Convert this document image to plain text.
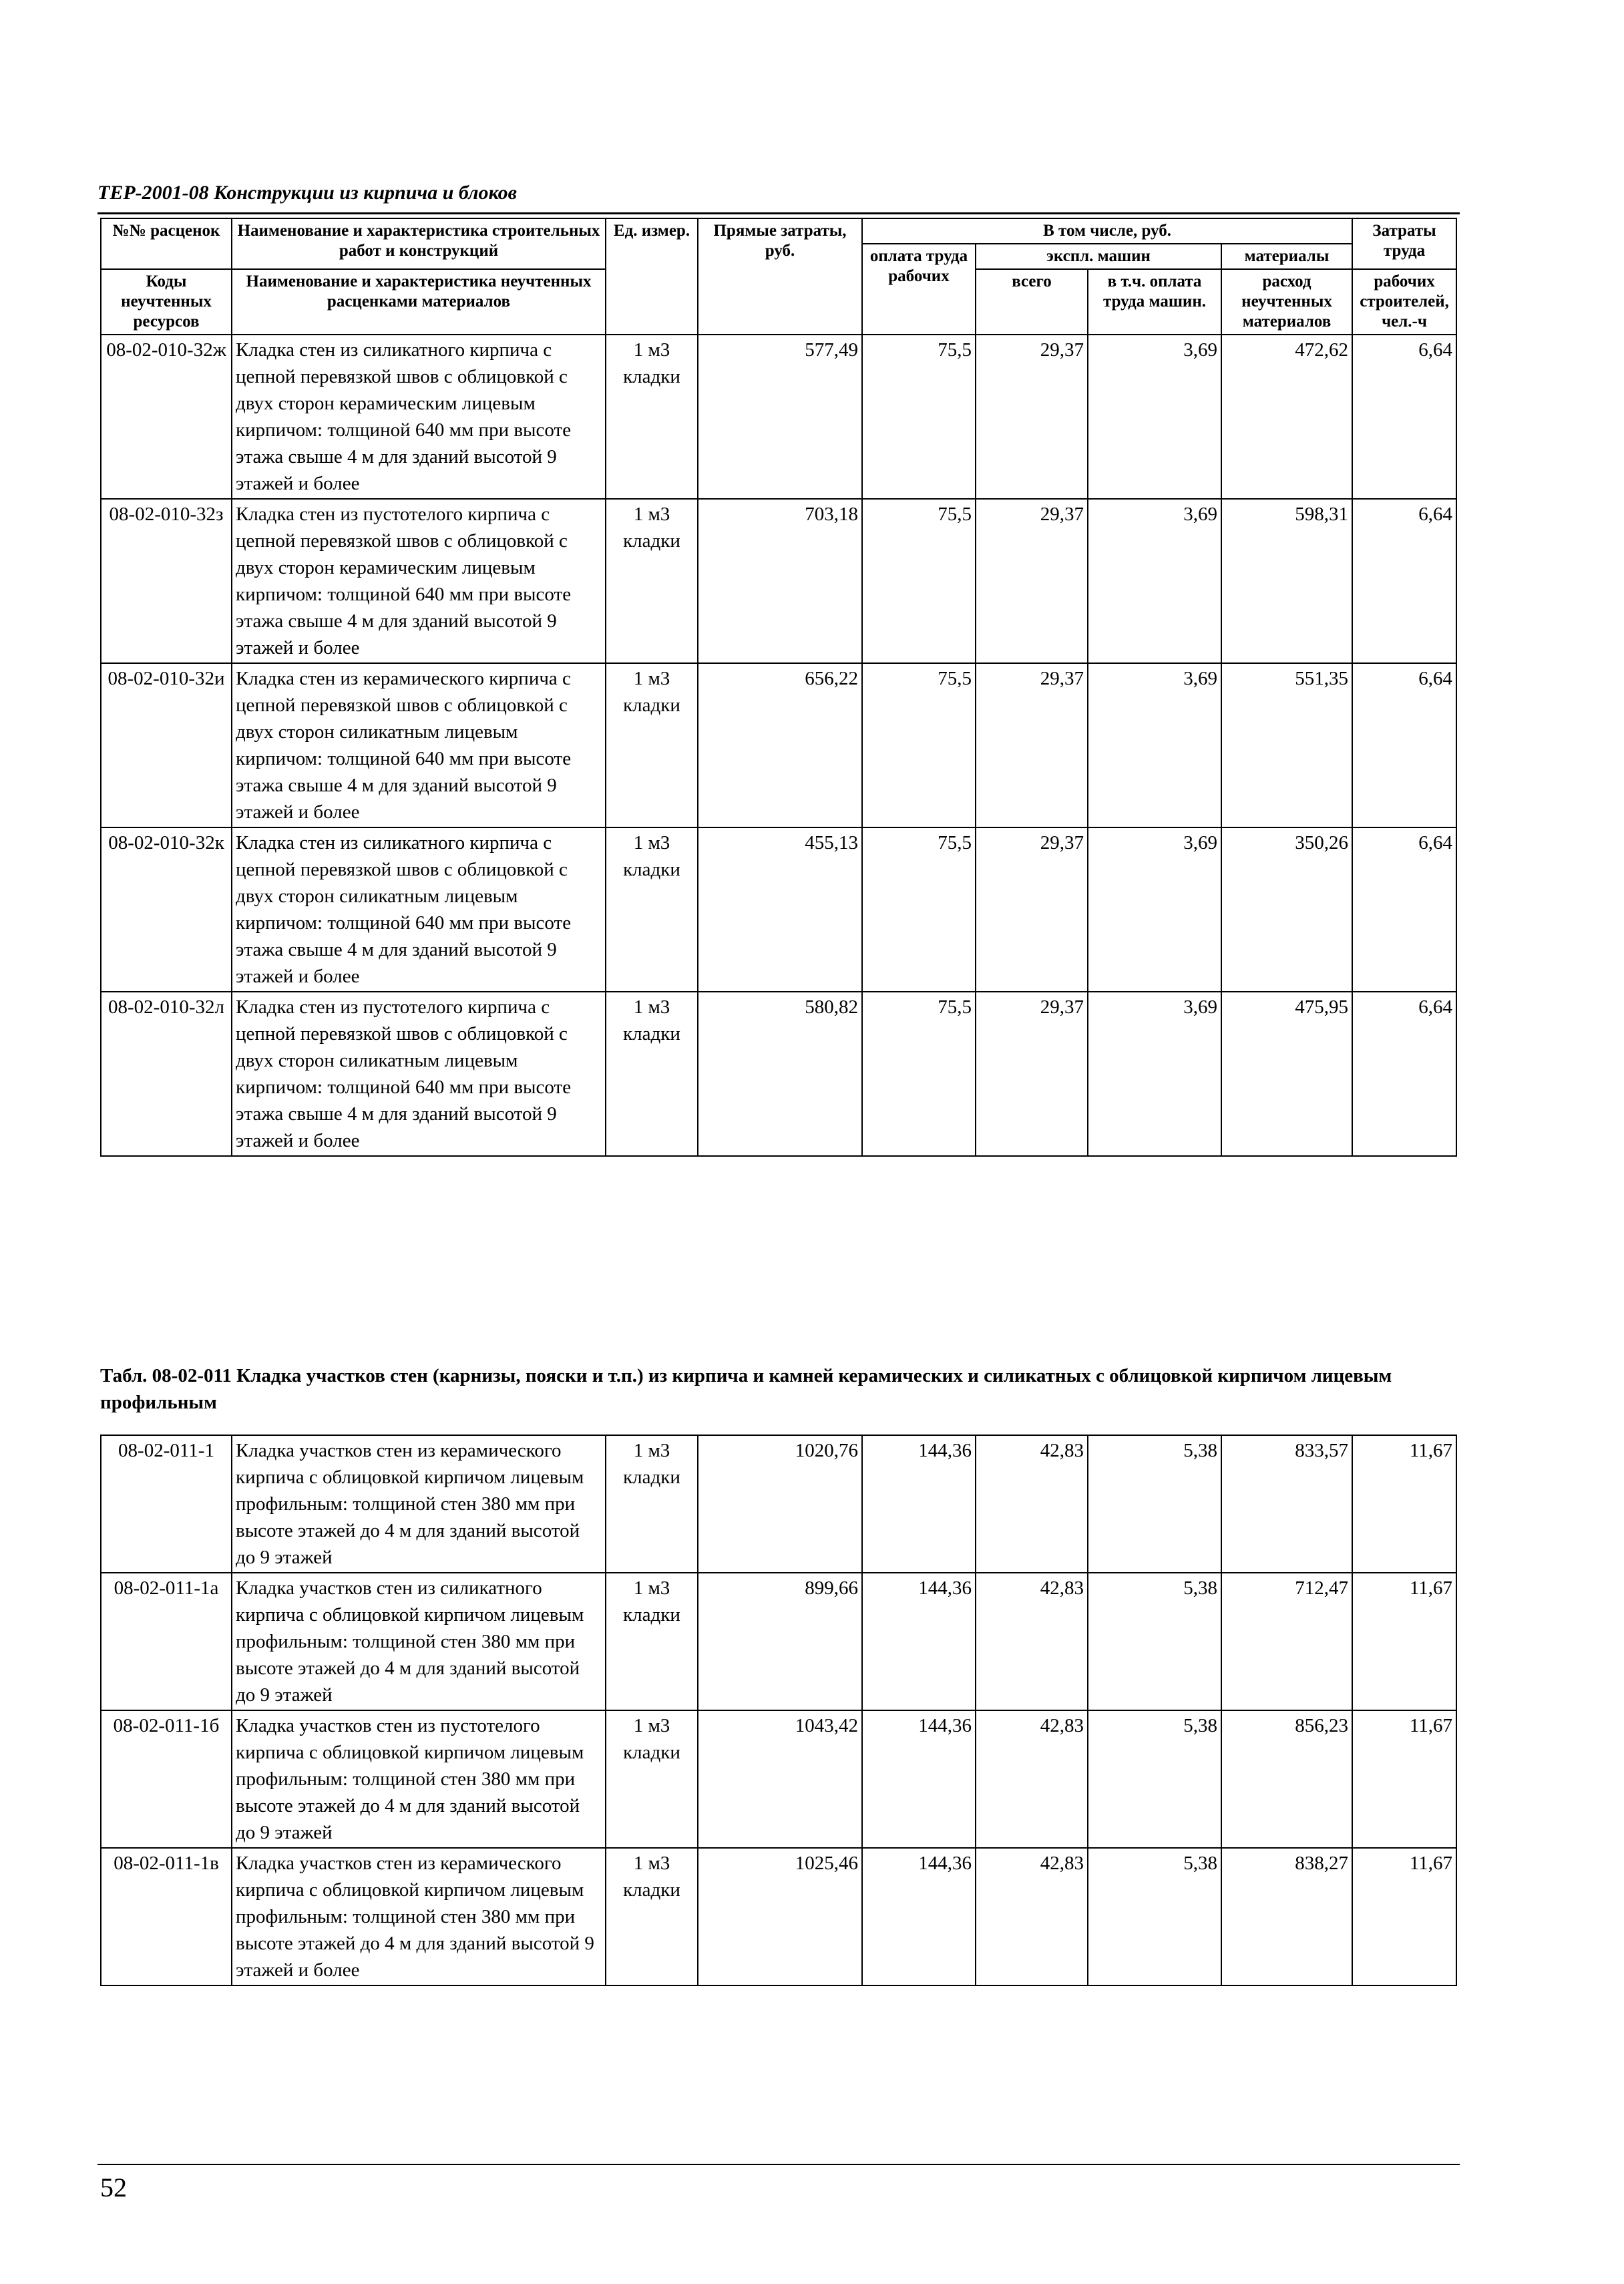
ТЕР-2001-08 Конструкции из кирпича и блоков
№№ расценок	Наименование и характеристика строительных работ и конструкций	Ед. измер.	Прямые затраты, руб.	В том числе, руб.				Затраты труда
				оплата труда рабочих	экспл. машин		материалы	
Коды неучтенных ресурсов	Наименование и характеристика неучтенных расценками материалов				всего	в т.ч. оплата труда машин.	расход неучтенных материалов	рабочих строителей, чел.-ч
08-02-010-32ж	Кладка стен из силикатного кирпича с цепной перевязкой швов с облицовкой с двух сторон керамическим лицевым кирпичом: толщиной 640 мм при высоте этажа свыше 4 м для зданий высотой 9 этажей и более	1 м3 кладки	577,49	75,5	29,37	3,69	472,62	6,64
08-02-010-32з	Кладка стен из пустотелого кирпича с цепной перевязкой швов с облицовкой с двух сторон керамическим лицевым кирпичом: толщиной 640 мм при высоте этажа свыше 4 м для зданий высотой 9 этажей и более	1 м3 кладки	703,18	75,5	29,37	3,69	598,31	6,64
08-02-010-32и	Кладка стен из керамического кирпича с цепной перевязкой швов с облицовкой с двух сторон силикатным лицевым кирпичом: толщиной 640 мм при высоте этажа свыше 4 м для зданий высотой 9 этажей и более	1 м3 кладки	656,22	75,5	29,37	3,69	551,35	6,64
08-02-010-32к	Кладка стен из силикатного кирпича с цепной перевязкой швов с облицовкой с двух сторон силикатным лицевым кирпичом: толщиной 640 мм при высоте этажа свыше 4 м для зданий высотой 9 этажей и более	1 м3 кладки	455,13	75,5	29,37	3,69	350,26	6,64
08-02-010-32л	Кладка стен из пустотелого кирпича с цепной перевязкой швов с облицовкой с двух сторон силикатным лицевым кирпичом: толщиной 640 мм при высоте этажа свыше 4 м для зданий высотой 9 этажей и более	1 м3 кладки	580,82	75,5	29,37	3,69	475,95	6,64
Табл. 08-02-011 Кладка участков стен (карнизы, пояски и т.п.) из кирпича и камней керамических и силикатных с облицовкой кирпичом лицевым профильным
08-02-011-1	Кладка участков стен из керамического кирпича с облицовкой кирпичом лицевым профильным: толщиной стен 380 мм при высоте этажей до 4 м для зданий высотой до 9 этажей	1 м3 кладки	1020,76	144,36	42,83	5,38	833,57	11,67
08-02-011-1а	Кладка участков стен из силикатного кирпича с облицовкой кирпичом лицевым профильным: толщиной стен 380 мм при высоте этажей до 4 м для зданий высотой до 9 этажей	1 м3 кладки	899,66	144,36	42,83	5,38	712,47	11,67
08-02-011-1б	Кладка участков стен из пустотелого кирпича с облицовкой кирпичом лицевым профильным: толщиной стен 380 мм при высоте этажей до 4 м для зданий высотой до 9 этажей	1 м3 кладки	1043,42	144,36	42,83	5,38	856,23	11,67
08-02-011-1в	Кладка участков стен из керамического кирпича с облицовкой кирпичом лицевым профильным: толщиной стен 380 мм при высоте этажей до 4 м для зданий высотой 9 этажей и более	1 м3 кладки	1025,46	144,36	42,83	5,38	838,27	11,67
52
